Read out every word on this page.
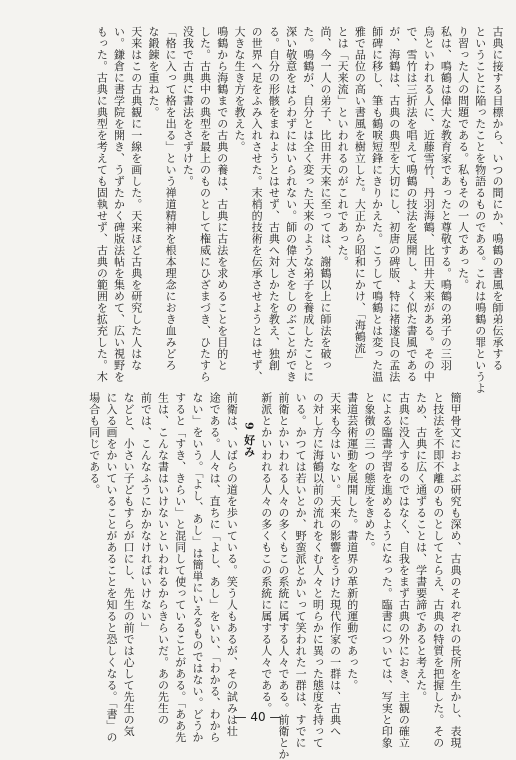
古典に接する目標から、いつの間にか、鳴鶴の書風を師弟伝承する
ということに陥ったことを物語るものである。これは鳴鶴の罪というよ
り習った人の問題である。私もその一人であった。
私は、鳴鶴は偉大な教育家であったと尊敬する。鳴鶴の弟子の三羽
烏といわれる人に、近藤雪竹、丹羽海鶴、比田井天来がある。その中
で、雪竹は三折法を唱えて鳴鶴の技法を展開し、よく似た書風である
が、海鶴は、古典の典型を大切にし、初唐の碑版、特に褚遂良の孟法
師碑に移し、筆も鶴唳短鋒にきりかえた。こうして鳴鶴とは変った温
雅で品位の高い書風を樹立した。大正から昭和にかけ、「海鶴流」
とは「天来流」といわれるのがこれであった。
尚、今一人の弟子、比田井天来に至っては、謝鶴以上に師法を破っ
た。鳴鶴が、自分とは全く変った天来のような弟子を養成したことに
深い敬意をはらわずにはいられない。師の偉大さをしのぶことができ
る。自分の形骸をまねようとはせず、古典へ対しかたを教え、独創
の世界へ足をふみ入れさせた。末梢的技術を伝承させようとはせず、
大きな生き方を教えた。
鳴鶴から海鶴までの古典の養は、古典に古法を求めることを目的と
した。古典中の典型を最上のものとして権威にひざまづき、ひたすら
没我で古典に書法をさずけた。
「格に入って格を出る」という禅道精神を根本理念におき血みどろ
な鍛錬を重ねた。
天来はこの古典観に一線を画した。天来ほど古典を研究した人はな
い。鎌倉に書学院を開き、うずたかく碑版法帖を集めて、広い視野を
もった。古典に典型を考えても固執せず、古典の範囲を拡充した。木
簡甲骨文におよぶ研究も深め、古典のそれぞれの長所を生かし、表現
と技法を不即不離のものとしてとらえ、古典の特質を把握した。その
ため、古典に広く通ずることは、学書要諦であると考えた。
古典に没入するのではなく、自我をまず古典の外におき、主観の確立
による臨書学習を進めるようになった。臨書については、写実と印象
と象徴の三つの態度をきめた。
書道芸術運動を展開した。書道界の革新的運動であった。
天来も今はいない。天来の影響をうけた現代作家の一群は、古典へ
の対し方に海鶴以前の流れをくむ人々と明らかに異った態度を持って
いる。かつては若いとか、野蛮派とかいって笑われた一群は、すでに
前衛とかいわれる人々の多くもこの系統に属する人々である。前衛とか
新派とかいわれる人々の多くもこの系統に属する人々である。
9 好み
前衛は、いばらの道を歩いている。笑う人もあるが、その試みは壮
途である。人々は、直ちに「よし、あし」をいい、「わかる、わから
ない」をいう。「よし、あし」は簡単にいえるものではない。どうか
すると「すき、きらい」と混同して使っていることがある。「ああ先
生は、こんな書はいけないといわれるからきらいだ。あの先生の
前では、こんなふうにかかなければいけない」
などと、小さい子どもすらが口にし、先生の前では心して先生の気
に入る画をかいていることがあることを知ると恐しくなる。「書」の
場合も同じである。
— 40 —
